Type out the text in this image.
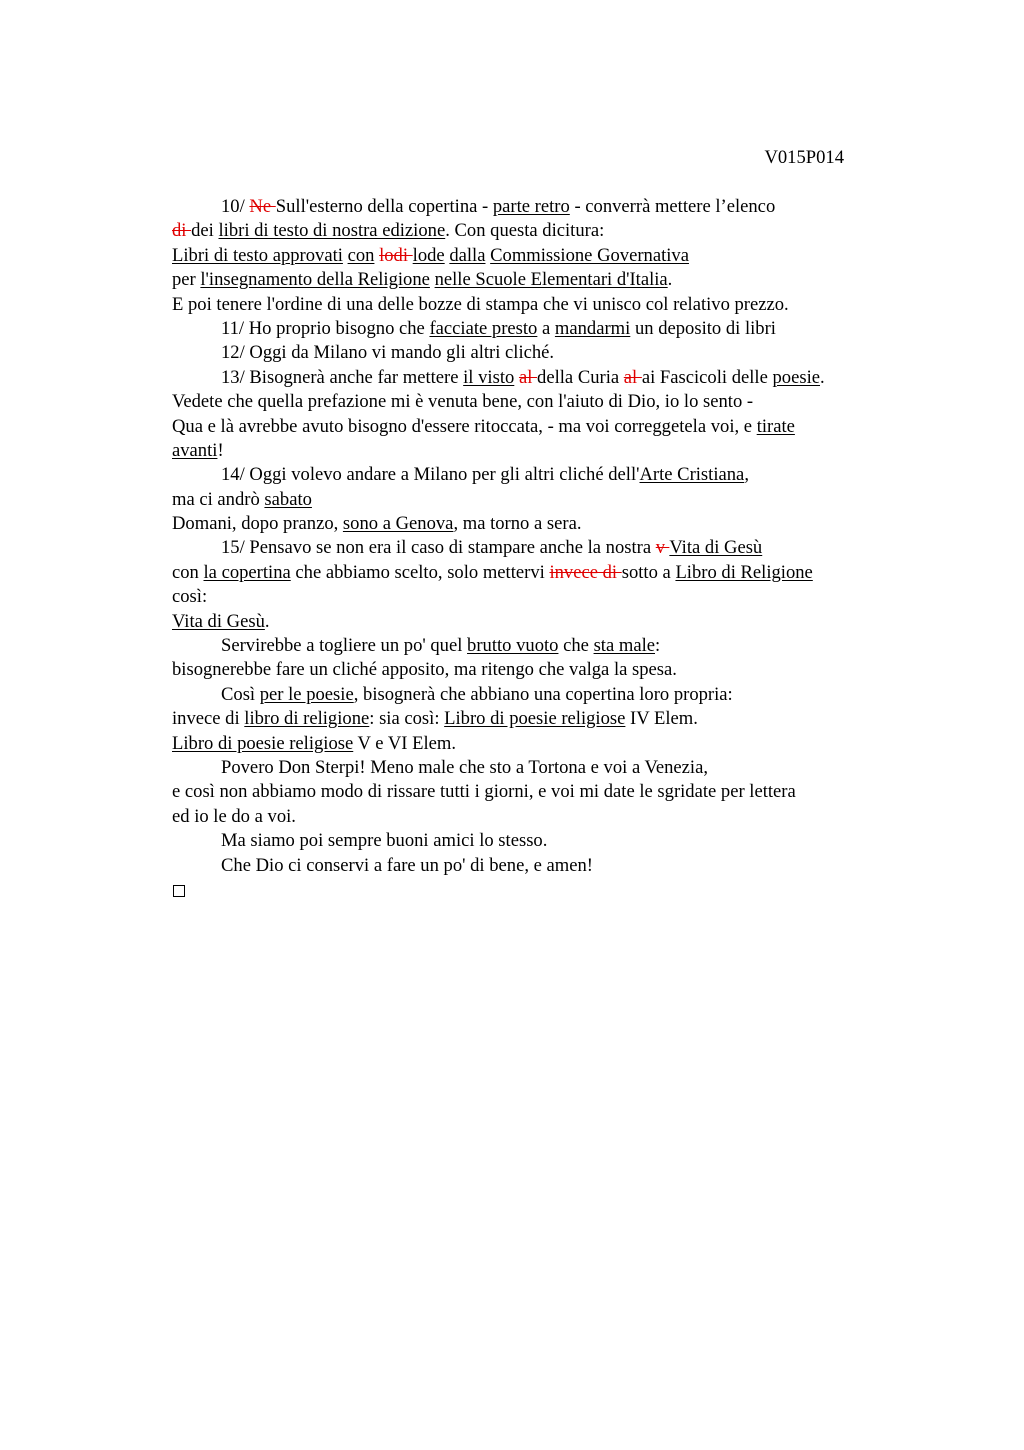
V015P014

10/ Ne Sull'esterno della copertina - parte retro - converrà mettere l’elenco
di dei libri di testo di nostra edizione. Con questa dicitura:
Libri di testo approvati con lodi lode dalla Commissione Governativa
per l'insegnamento della Religione nelle Scuole Elementari d'Italia.
E poi tenere l'ordine di una delle bozze di stampa che vi unisco col relativo prezzo.
11/ Ho proprio bisogno che facciate presto a mandarmi un deposito di libri
12/ Oggi da Milano vi mando gli altri cliché.
13/ Bisognerà anche far mettere il visto al della Curia al ai Fascicoli delle poesie.
Vedete che quella prefazione mi è venuta bene, con l'aiuto di Dio, io lo sento -
Qua e là avrebbe avuto bisogno d'essere ritoccata, - ma voi correggetela voi, e tirate
avanti!
14/ Oggi volevo andare a Milano per gli altri cliché dell'Arte Cristiana,
ma ci andrò sabato
Domani, dopo pranzo, sono a Genova, ma torno a sera.
15/ Pensavo se non era il caso di stampare anche la nostra v Vita di Gesù
con la copertina che abbiamo scelto, solo mettervi invece di sotto a Libro di Religione
così:
Vita di Gesù.
Servirebbe a togliere un po' quel brutto vuoto che sta male:
bisognerebbe fare un cliché apposito, ma ritengo che valga la spesa.
Così per le poesie, bisognerà che abbiano una copertina loro propria:
invece di libro di religione: sia così: Libro di poesie religiose IV Elem.
Libro di poesie religiose V e VI Elem.
Povero Don Sterpi! Meno male che sto a Tortona e voi a Venezia,
e così non abbiamo modo di rissare tutti i giorni, e voi mi date le sgridate per lettera
ed io le do a voi.
Ma siamo poi sempre buoni amici lo stesso.
Che Dio ci conservi a fare un po' di bene, e amen!
